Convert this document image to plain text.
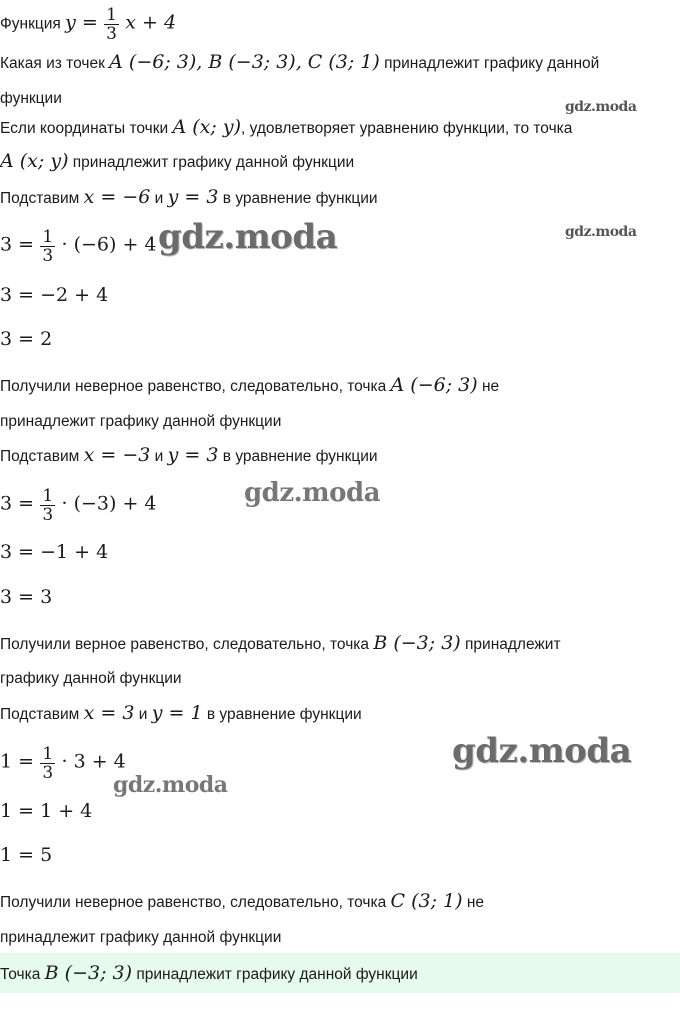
Функция $y = \frac{1}{3}$ x + 4
Какая из точек A (−6; 3), B (−3; 3), C (3; 1) принадлежит графику данной
функции
Если координаты точки A (x; y), удовлетворяет уравнению функции, то точка
A (x; y) принадлежит графику данной функции
Подставим x = −6 и y = 3 в уравнение функции
$3 = \frac{1}{3} \cdot (-6) + 4$
3 = −2 + 4
3 = 2
Получили неверное равенство, следовательно, точка A (−6; 3) не
принадлежит графику данной функции
Подставим x = −3 и y = 3 в уравнение функции
$3 = \frac{1}{3} \cdot (-3) + 4$
3 = −1 + 4
3 = 3
Получили верное равенство, следовательно, точка B (−3; 3) принадлежит
графику данной функции
Подставим x = 3 и y = 1 в уравнение функции
$1 = \frac{1}{3} \cdot 3 + 4$
1 = 1 + 4
1 = 5
Получили неверное равенство, следовательно, точка C (3; 1) не
принадлежит графику данной функции
Точка B (−3; 3) принадлежит графику данной функции
gdz.moda
gdz.moda
gdz.moda
gdz.moda
gdz.moda
gdz.moda
